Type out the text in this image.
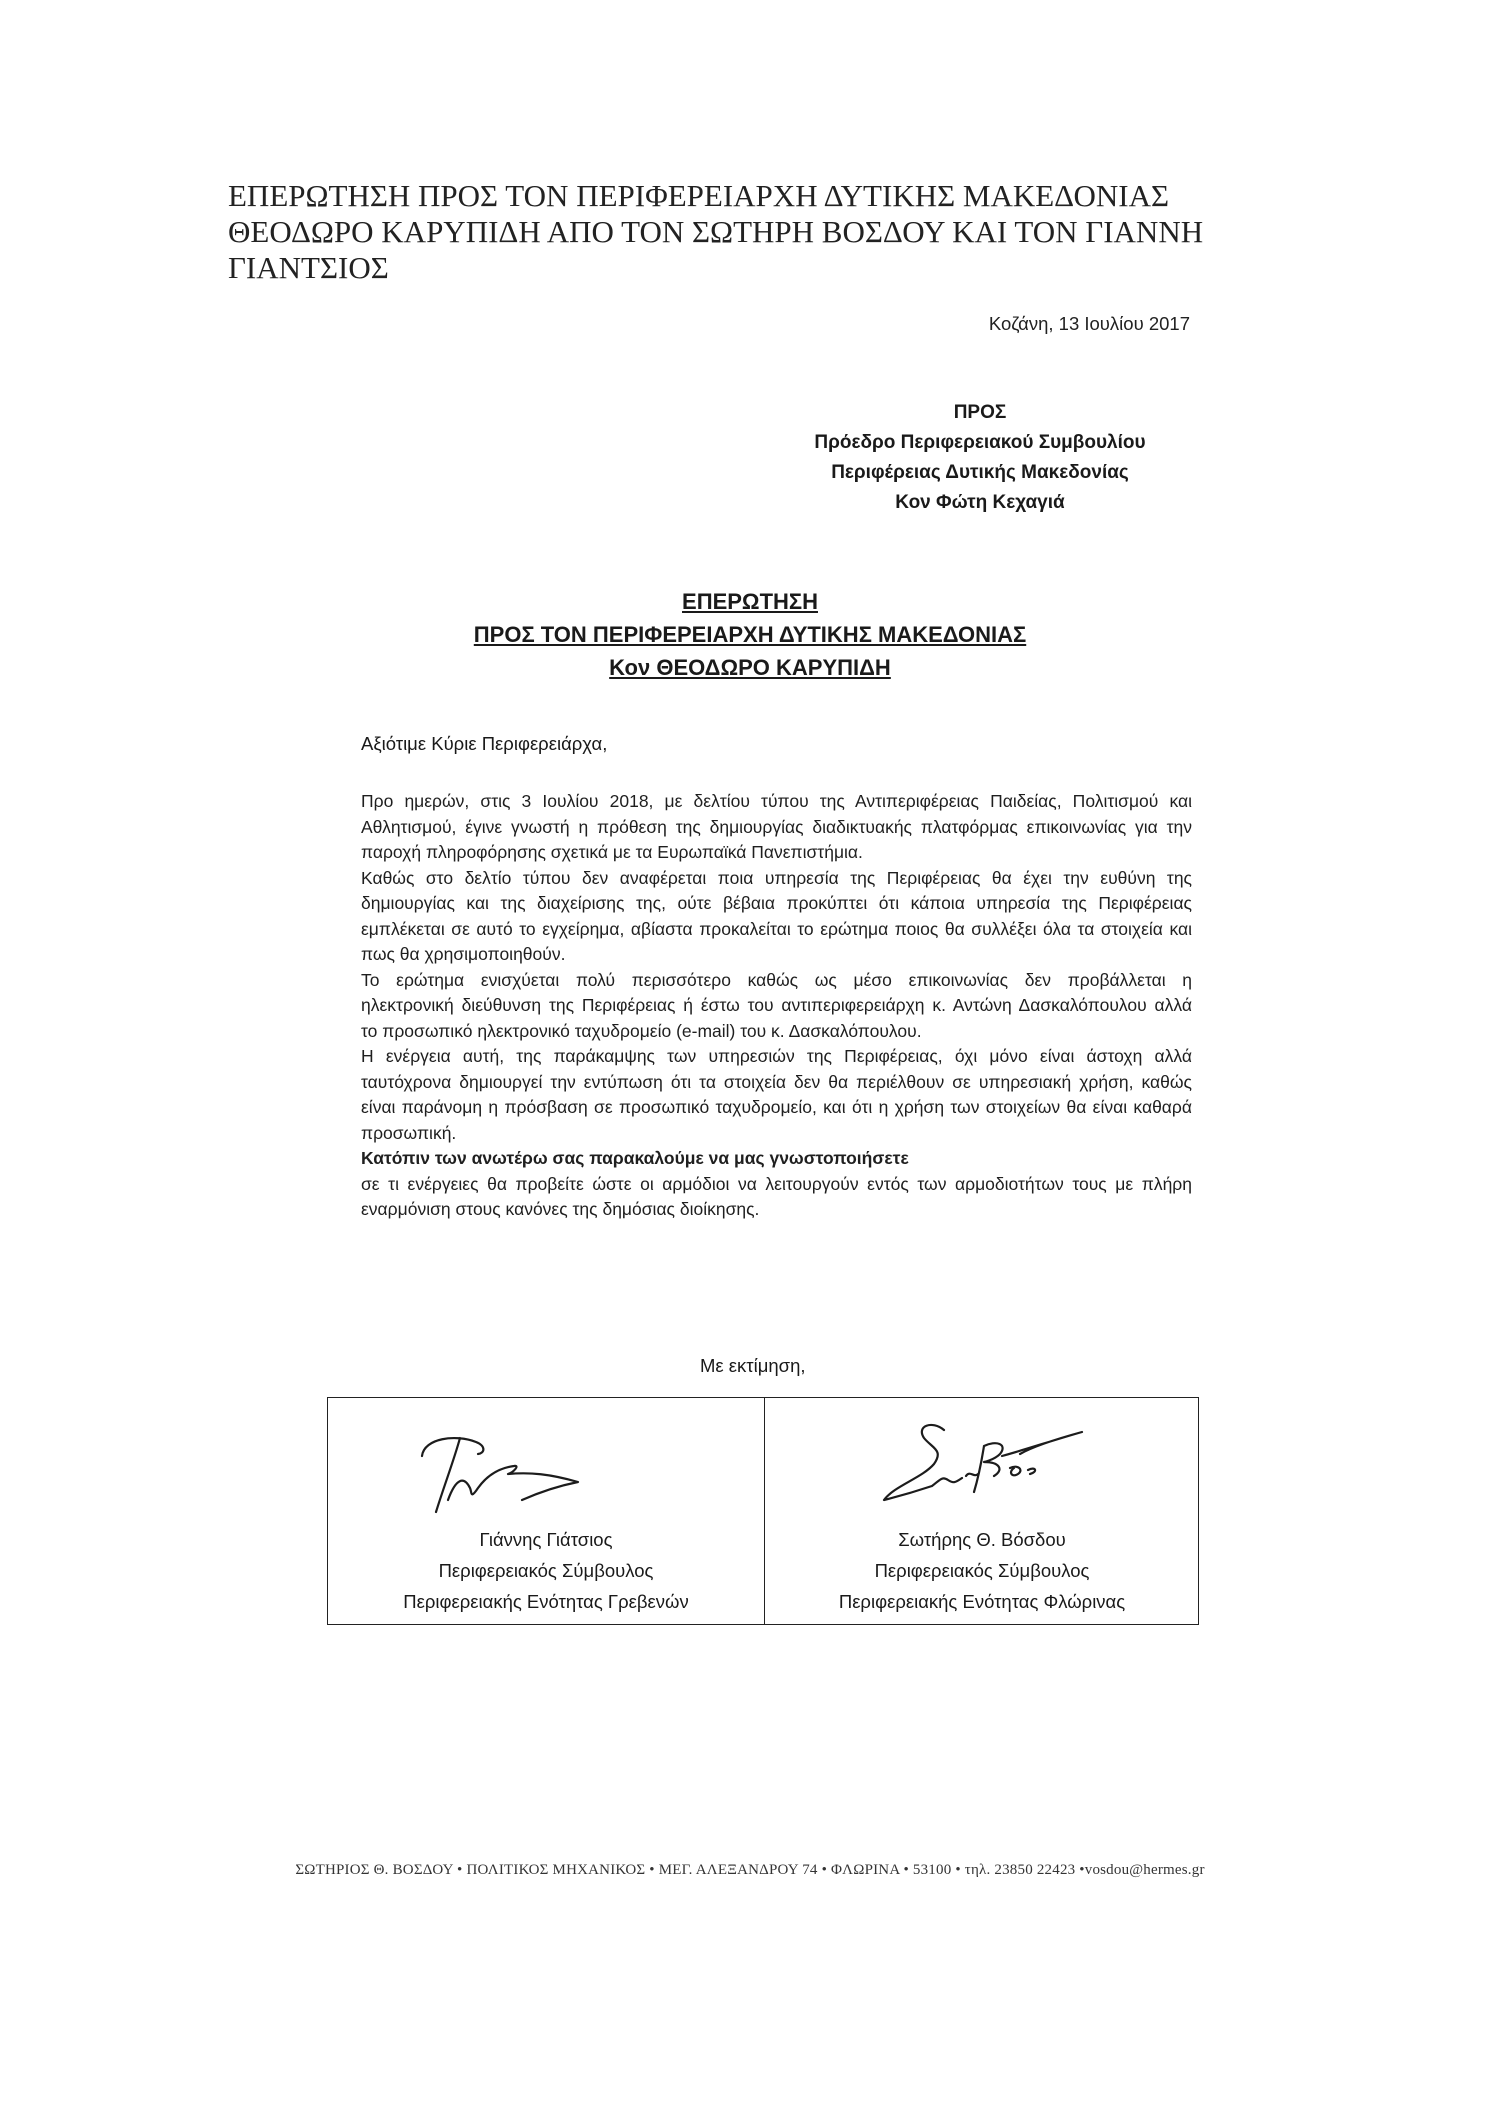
ΕΠΕΡΩΤΗΣΗ ΠΡΟΣ ΤΟΝ ΠΕΡΙΦΕΡΕΙΑΡΧΗ ΔΥΤΙΚΗΣ ΜΑΚΕΔΟΝΙΑΣ
ΘΕΟΔΩΡΟ ΚΑΡΥΠΙΔΗ ΑΠΟ ΤΟΝ ΣΩΤΗΡΗ ΒΟΣΔΟΥ ΚΑΙ ΤΟΝ ΓΙΑΝΝΗ
ΓΙΑΝΤΣΙΟΣ
Κοζάνη, 13 Ιουλίου 2017
ΠΡΟΣ
Πρόεδρο Περιφερειακού Συμβουλίου
Περιφέρειας Δυτικής Μακεδονίας
Κον Φώτη Κεχαγιά
ΕΠΕΡΩΤΗΣΗ
ΠΡΟΣ ΤΟΝ ΠΕΡΙΦΕΡΕΙΑΡΧΗ ΔΥΤΙΚΗΣ ΜΑΚΕΔΟΝΙΑΣ
Κον ΘΕΟΔΩΡΟ ΚΑΡΥΠΙΔΗ
Αξιότιμε Κύριε Περιφερειάρχα,
Προ ημερών, στις 3 Ιουλίου 2018, με δελτίου τύπου της Αντιπεριφέρειας Παιδείας, Πολιτισμού και
Αθλητισμού, έγινε γνωστή η πρόθεση της δημιουργίας διαδικτυακής πλατφόρμας επικοινωνίας για την
παροχή πληροφόρησης σχετικά με τα Ευρωπαϊκά Πανεπιστήμια.
Καθώς στο δελτίο τύπου δεν αναφέρεται ποια υπηρεσία της Περιφέρειας θα έχει την ευθύνη της
δημιουργίας και της διαχείρισης της, ούτε βέβαια προκύπτει ότι κάποια υπηρεσία της Περιφέρειας
εμπλέκεται σε αυτό το εγχείρημα, αβίαστα προκαλείται το ερώτημα ποιος θα συλλέξει όλα τα στοιχεία και
πως θα χρησιμοποιηθούν.
Το ερώτημα ενισχύεται πολύ περισσότερο καθώς ως μέσο επικοινωνίας δεν προβάλλεται η
ηλεκτρονική διεύθυνση της Περιφέρειας ή έστω του αντιπεριφερειάρχη κ. Αντώνη Δασκαλόπουλου αλλά
το προσωπικό ηλεκτρονικό ταχυδρομείο (e-mail) του κ. Δασκαλόπουλου.
Η ενέργεια αυτή, της παράκαμψης των υπηρεσιών της Περιφέρειας, όχι μόνο είναι άστοχη αλλά
ταυτόχρονα δημιουργεί την εντύπωση ότι τα στοιχεία δεν θα περιέλθουν σε υπηρεσιακή χρήση, καθώς
είναι παράνομη η πρόσβαση σε προσωπικό ταχυδρομείο, και ότι η χρήση των στοιχείων θα είναι καθαρά
προσωπική.
Κατόπιν των ανωτέρω σας παρακαλούμε να μας γνωστοποιήσετε
σε τι ενέργειες θα προβείτε ώστε οι αρμόδιοι να λειτουργούν εντός των αρμοδιοτήτων τους με πλήρη
εναρμόνιση στους κανόνες της δημόσιας διοίκησης.
Με εκτίμηση,
Γιάννης Γιάτσιος
Περιφερειακός Σύμβουλος
Περιφερειακής Ενότητας Γρεβενών
Σωτήρης Θ. Βόσδου
Περιφερειακός Σύμβουλος
Περιφερειακής Ενότητας Φλώρινας
ΣΩΤΗΡΙΟΣ Θ. ΒΟΣΔΟΥ • ΠΟΛΙΤΙΚΟΣ ΜΗΧΑΝΙΚΟΣ • ΜΕΓ. ΑΛΕΞΑΝΔΡΟΥ 74 • ΦΛΩΡΙΝΑ • 53100 • τηλ. 23850 22423 •vosdou@hermes.gr
